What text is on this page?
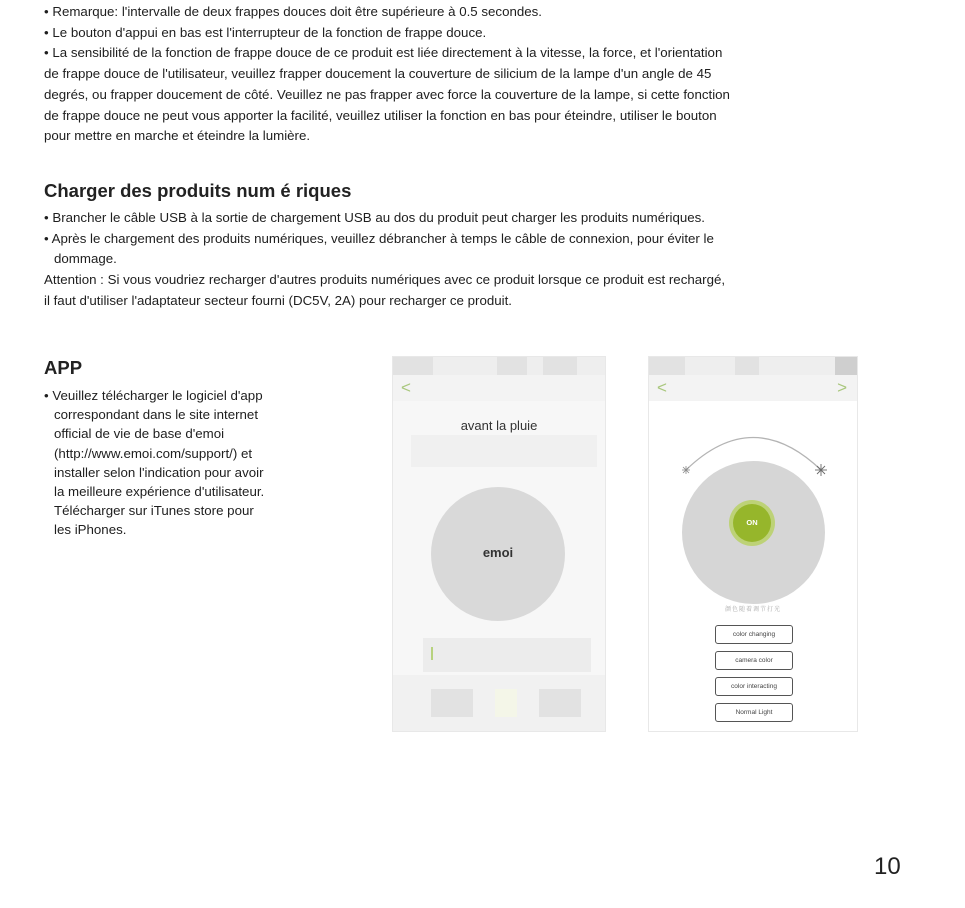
• Remarque: l'intervalle de deux frappes douces doit être supérieure à 0.5 secondes.
• Le bouton d'appui en bas est l'interrupteur de la fonction de frappe douce.
• La sensibilité de la fonction de frappe douce de ce produit est liée directement à la vitesse, la force, et l'orientation
de frappe douce de l'utilisateur, veuillez frapper doucement la couverture de silicium de la lampe d'un angle de 45
degrés, ou frapper doucement de côté. Veuillez ne pas frapper avec force la couverture de la lampe, si cette fonction
de frappe douce ne peut vous apporter la facilité, veuillez utiliser la fonction en bas pour éteindre, utiliser le bouton
pour mettre en marche et éteindre la lumière.
Charger des produits num é riques
• Brancher le câble USB à la sortie de chargement USB au dos du produit peut charger les produits numériques.
• Après le chargement des produits numériques, veuillez débrancher à temps le câble de connexion, pour éviter le
dommage.
Attention : Si vous voudriez recharger d'autres produits numériques avec ce produit lorsque ce produit est rechargé,
il faut d'utiliser l'adaptateur secteur fourni (DC5V, 2A) pour recharger ce produit.
APP
• Veuillez télécharger le logiciel d'app
correspondant dans le site internet
official de vie de base d'emoi
(http://www.emoi.com/support/) et
installer selon l'indication pour avoir
la meilleure expérience d'utilisateur.
Télécharger sur iTunes store pour
les iPhones.
<
avant la pluie
emoi
<	>
ON
颜色随着调节打光
color changing
camera color
color interacting
Normal Light
10
